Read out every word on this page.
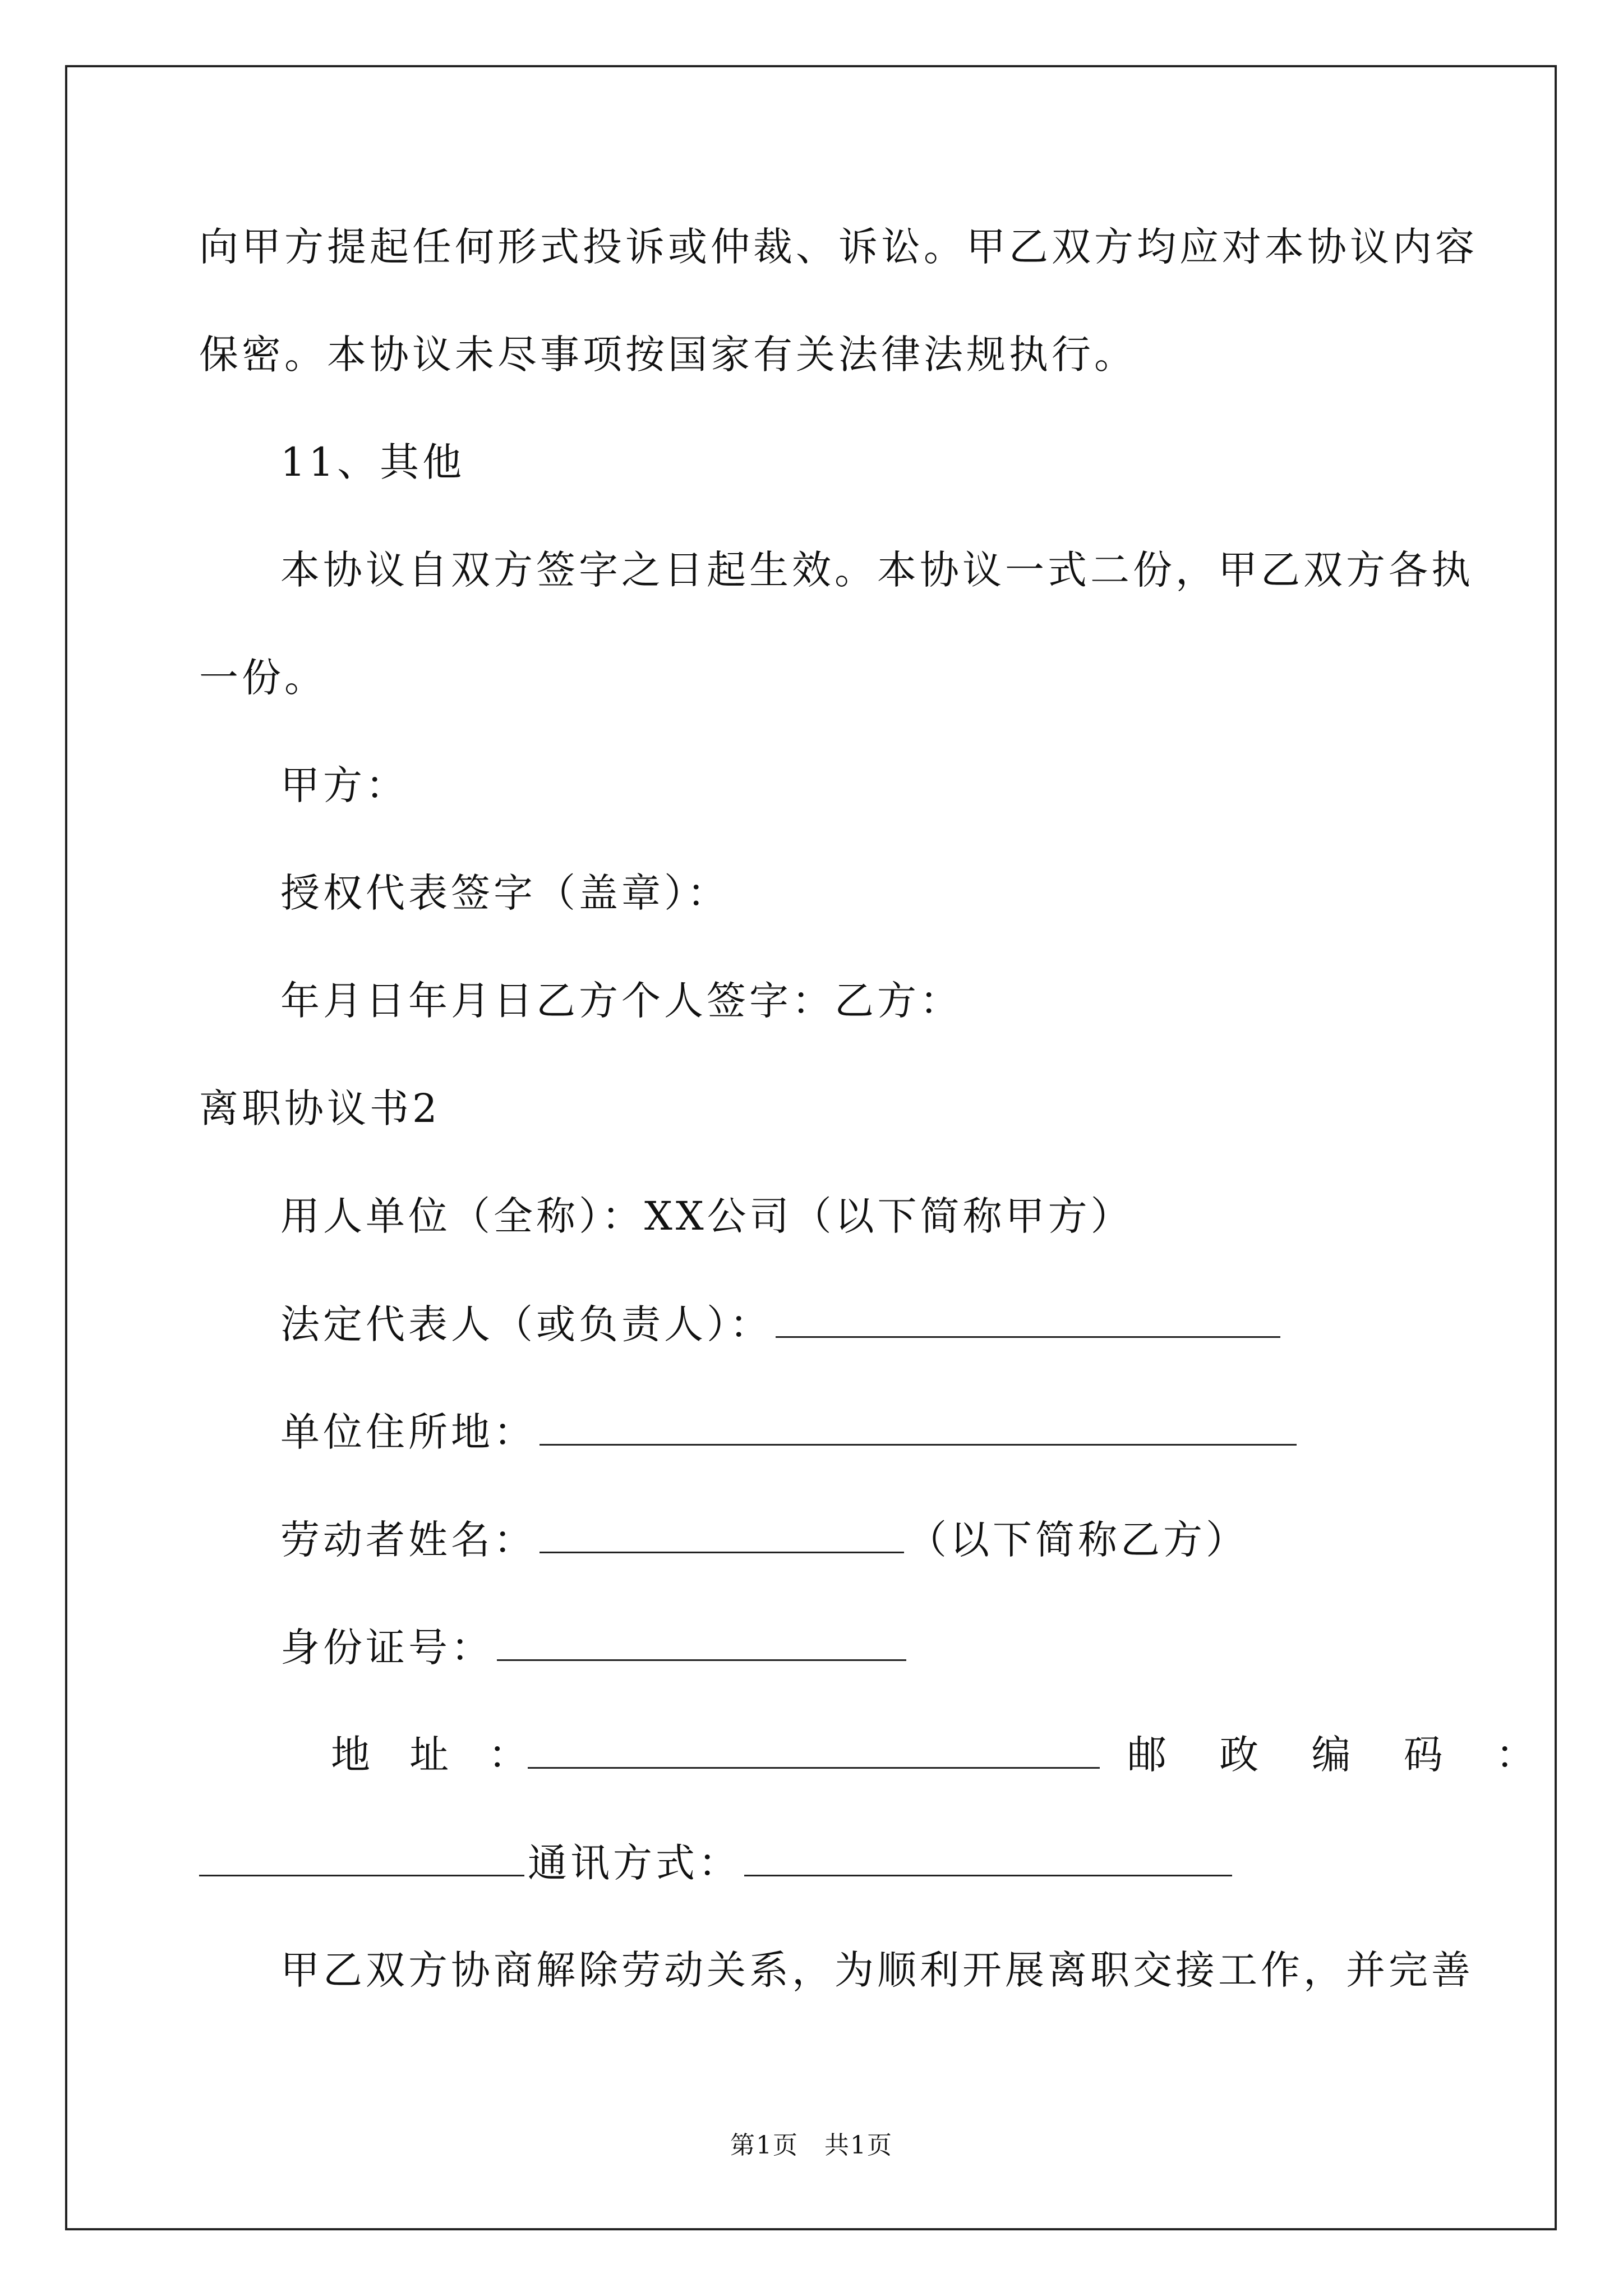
向甲方提起任何形式投诉或仲裁、诉讼。甲乙双方均应对本协议内容
保密。本协议未尽事项按国家有关法律法规执行。
11、其他
本协议自双方签字之日起生效。本协议一式二份，甲乙双方各执
一份。
甲方：
授权代表签字（盖章）：
年月日年月日乙方个人签字：乙方：
离职协议书2
用人单位（全称）：XX公司（以下简称甲方）
法定代表人（或负责人）：
单位住所地：
劳动者姓名：	（以下简称乙方）
身份证号：
地 址 ：	邮 政 编 码 ：
通讯方式：
甲乙双方协商解除劳动关系，为顺利开展离职交接工作，并完善
第1页　共1页
